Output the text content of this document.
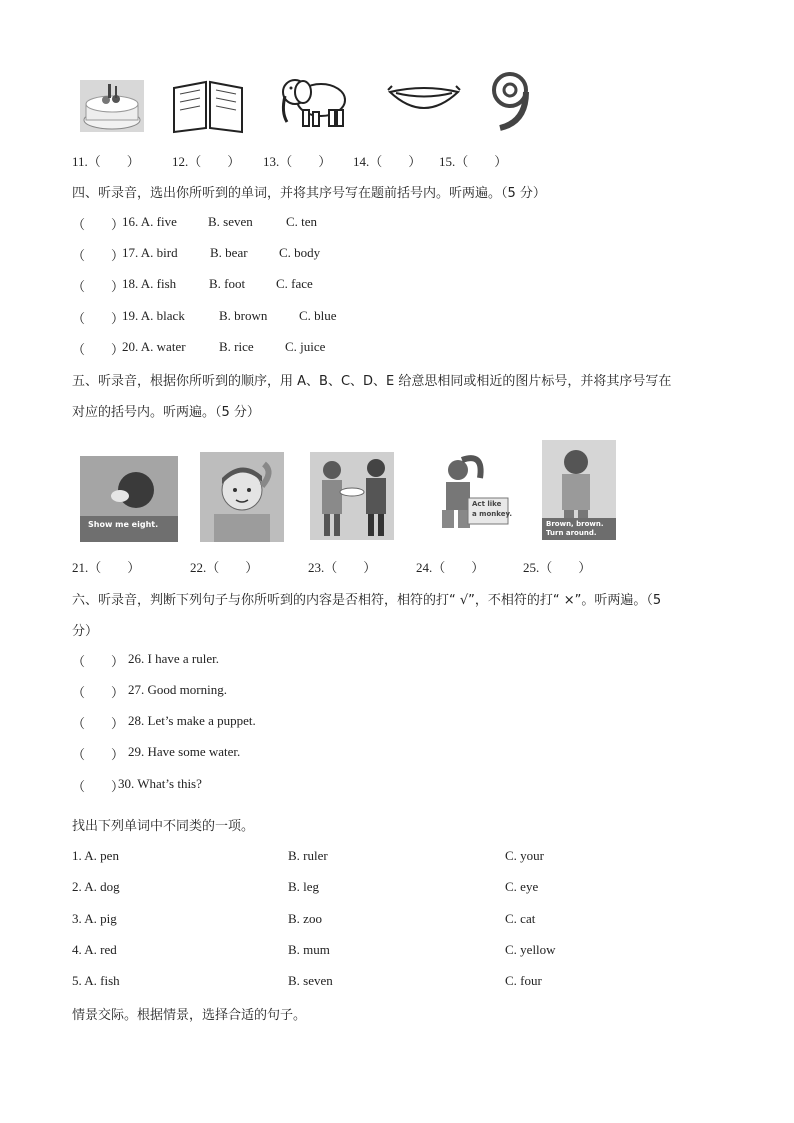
11.（　　） 12.（　　） 13.（　　） 14.（　　） 15.（　　）
四、听录音，选出你所听到的单词，并将其序号写在题前括号内。听两遍。（5 分）
（　　）
16. A. five B. seven	C. ten
（　　）
17. A. bird B. bear C. body
（　　）
18. A. fish	B. foot C. face
（　　）
19. A. black	B. brown C. blue
（　　）
20. A. water	B. rice C. juice
五、听录音，根据你所听到的顺序，用 A、B、C、D、E 给意思相同或相近的图片标号，并将其序号写在
对应的括号内。听两遍。（5 分）
Show me eight.
Act like
a monkey.
Brown, brown.
Turn around.
21.（　　）	22.（　　）	23.（　　）	24.（　　）	25.（　　）
六、听录音，判断下列句子与你所听到的内容是否相符，相符的打“ √”，不相符的打“ ×”。听两遍。（5
分）
（　　） 26. I have a ruler.
（　　） 27. Good morning.
（　　） 28. Let’s make a puppet.
（　　） 29. Have some water.
（　　）
30. What’s this?
找出下列单词中不同类的一项。
1. A. pen	B. ruler	C. your
2. A. dog	B. leg	C. eye
3. A. pig	B. zoo	C. cat
4. A. red	B. mum	C. yellow
5. A. fish	B. seven	C. four
情景交际。根据情景，选择合适的句子。
